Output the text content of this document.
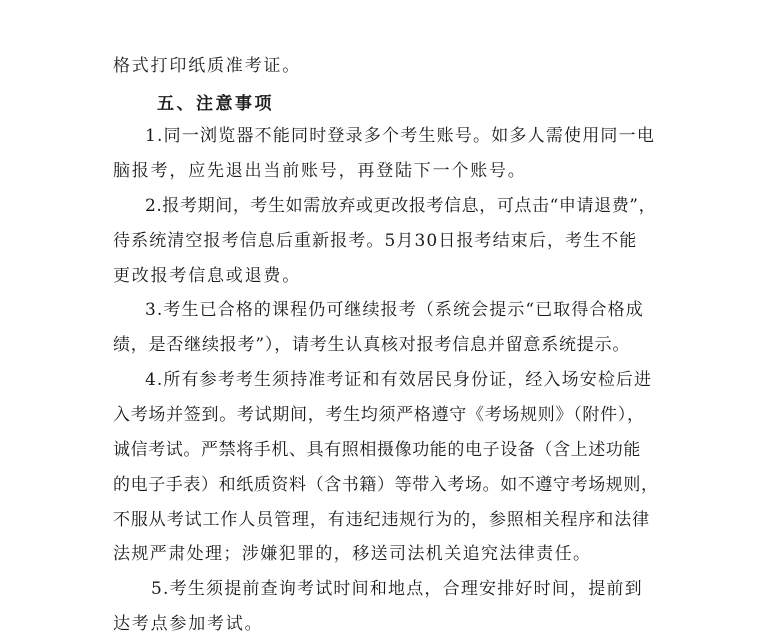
格式打印纸质准考证。
五、注意事项
1.同一浏览器不能同时登录多个考生账号。如多人需使用同一电
脑报考，应先退出当前账号，再登陆下一个账号。
2.报考期间，考生如需放弃或更改报考信息，可点击“申请退费”，
待系统清空报考信息后重新报考。5月30日报考结束后，考生不能
更改报考信息或退费。
3.考生已合格的课程仍可继续报考（系统会提示“已取得合格成
绩，是否继续报考”），请考生认真核对报考信息并留意系统提示。
4.所有参考考生须持准考证和有效居民身份证，经入场安检后进
入考场并签到。考试期间，考生均须严格遵守《考场规则》（附件），
诚信考试。严禁将手机、具有照相摄像功能的电子设备（含上述功能
的电子手表）和纸质资料（含书籍）等带入考场。如不遵守考场规则，
不服从考试工作人员管理，有违纪违规行为的，参照相关程序和法律
法规严肃处理；涉嫌犯罪的，移送司法机关追究法律责任。
5.考生须提前查询考试时间和地点，合理安排好时间，提前到
达考点参加考试。
